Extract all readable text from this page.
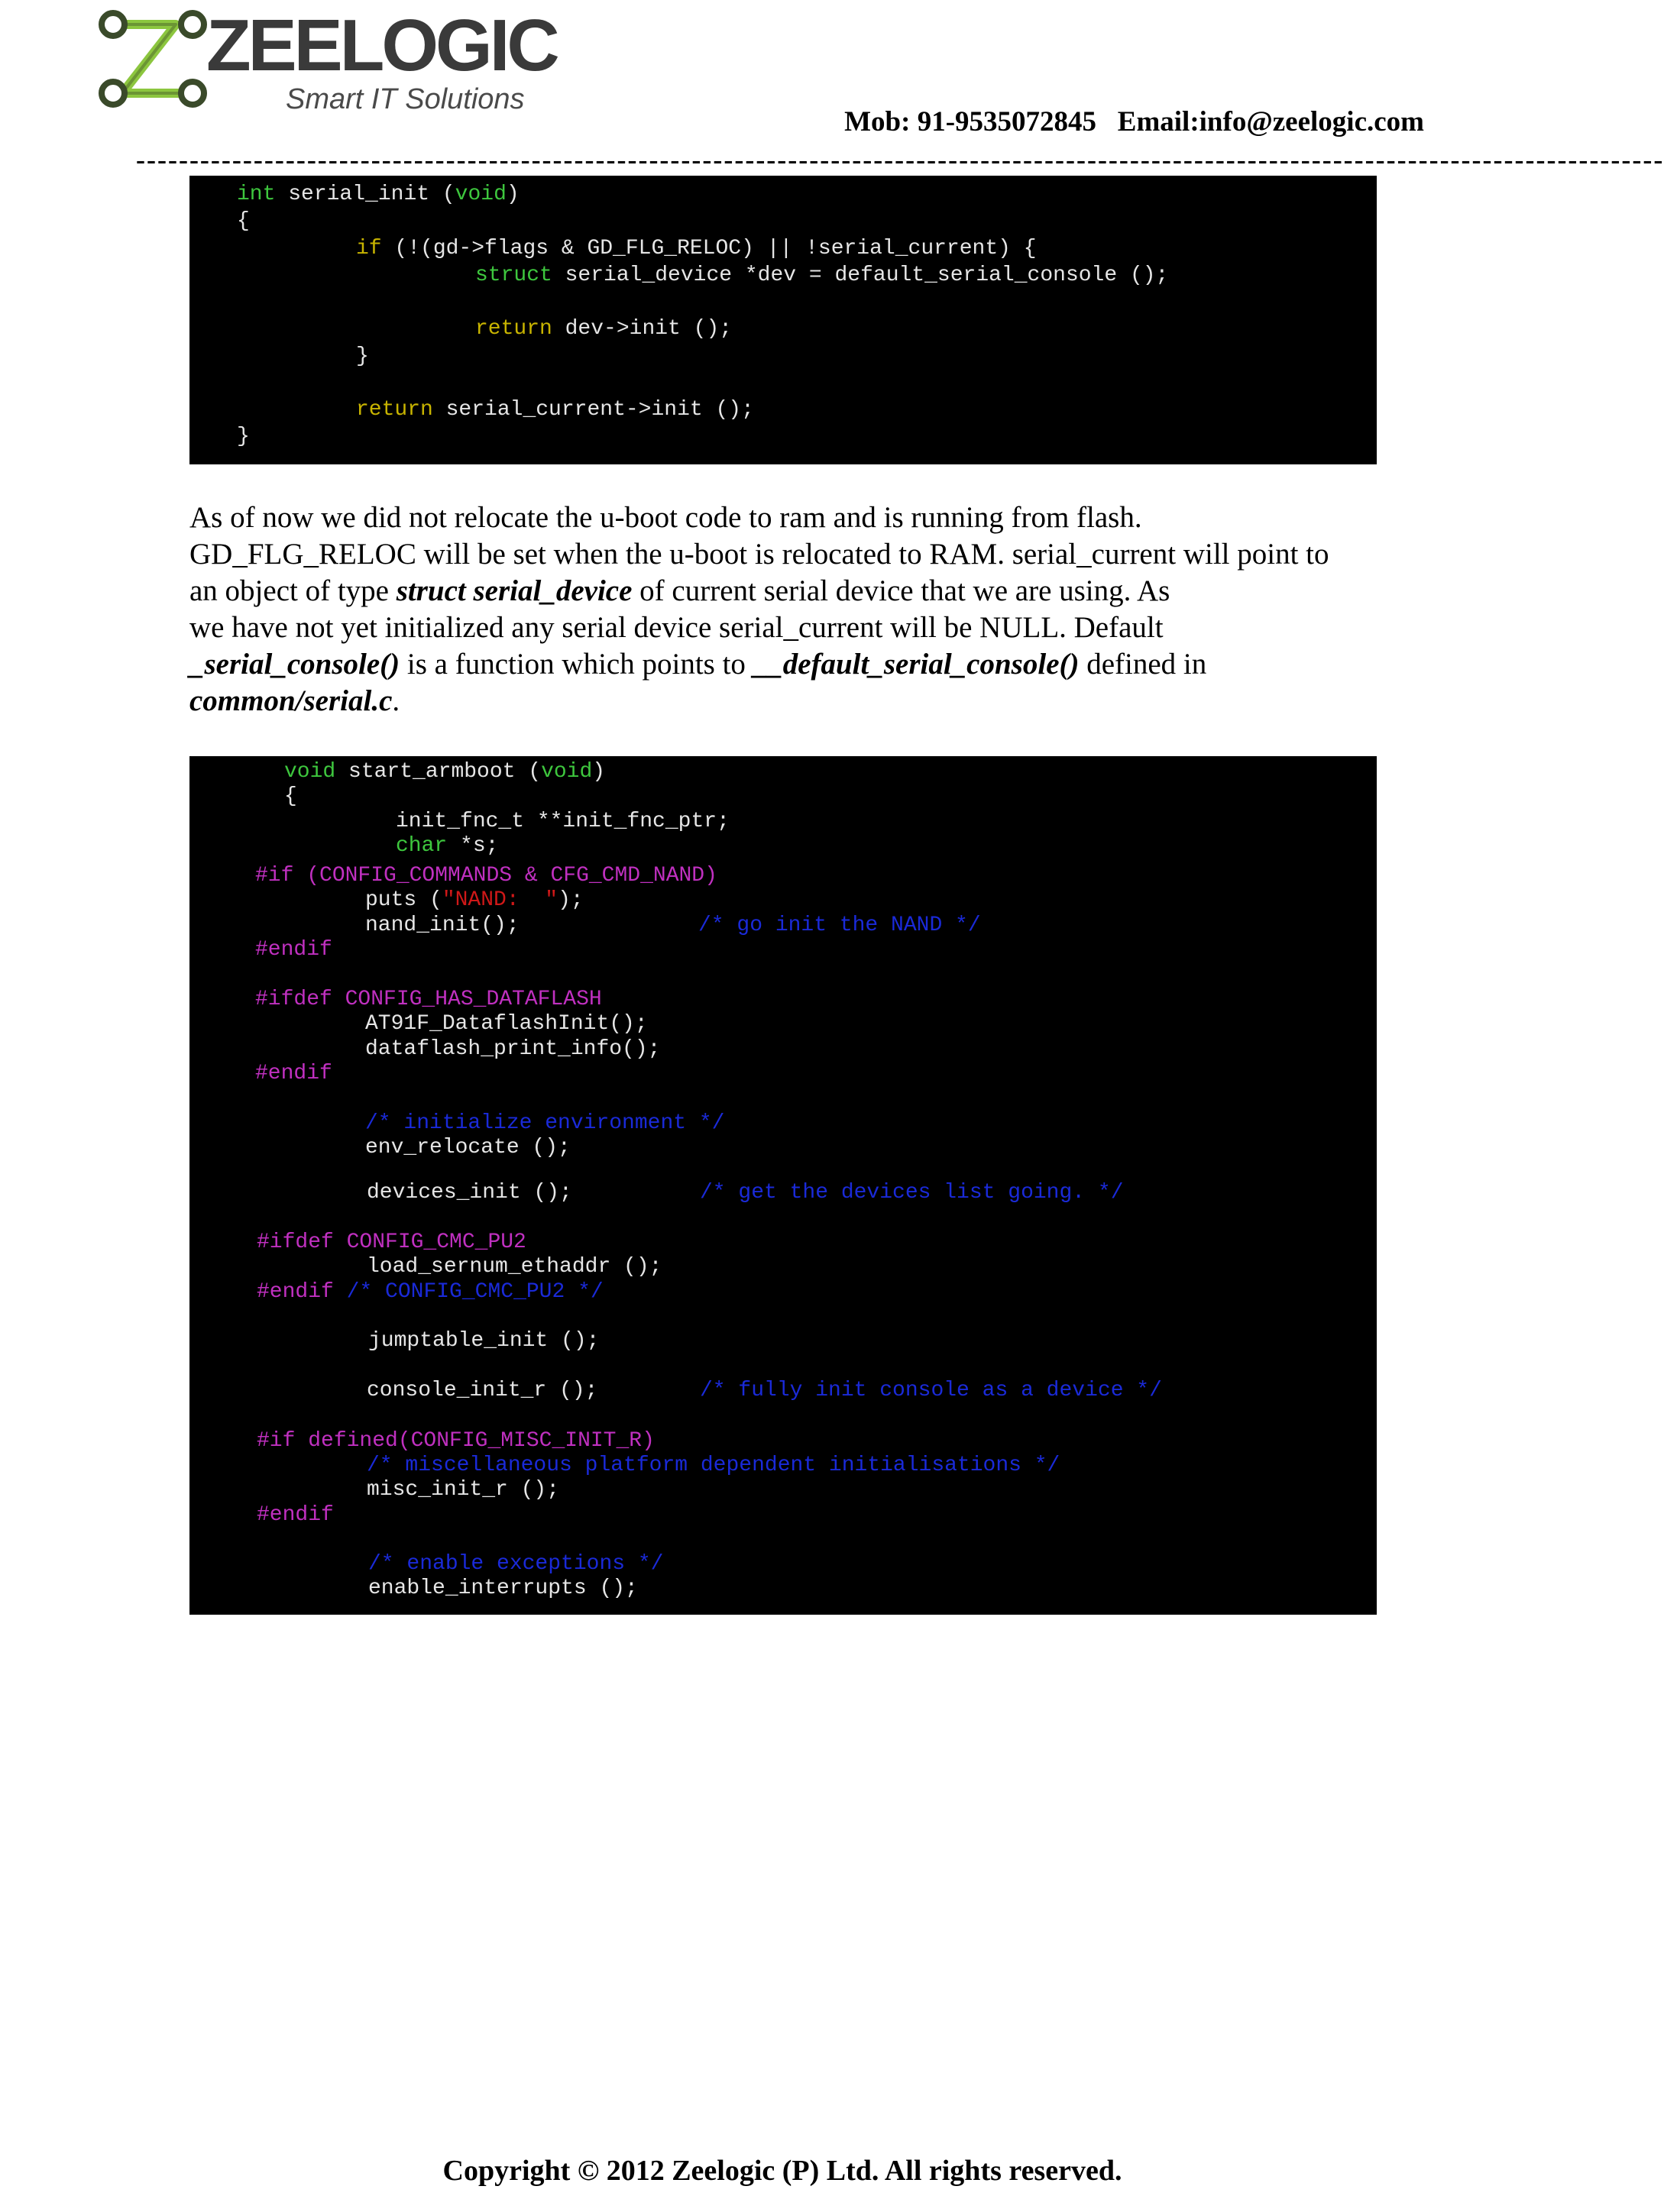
ZEELOGIC
Smart IT Solutions
Mob: 91-9535072845   Email:info@zeelogic.com
-----------------------------------------------------------------------------------------------------------------------------------------------
int serial_init (void)
{
if (!(gd->flags & GD_FLG_RELOC) || !serial_current) {
struct serial_device *dev = default_serial_console ();
return dev->init ();
}
return serial_current->init ();
}
As of now we did not relocate the u-boot code to ram and is running from flash.
GD_FLG_RELOC will be set when the u-boot is relocated to RAM. serial_current will point to
an object of type struct serial_device of current serial device that we are using. As
we have not yet initialized any serial device serial_current will be NULL. Default
_serial_console() is a function which points to __default_serial_console() defined in
common/serial.c.
void start_armboot (void)
{
init_fnc_t **init_fnc_ptr;
char *s;
#if (CONFIG_COMMANDS & CFG_CMD_NAND)
puts ("NAND:  ");
nand_init();	/* go init the NAND */
#endif
#ifdef CONFIG_HAS_DATAFLASH
AT91F_DataflashInit();
dataflash_print_info();
#endif
/* initialize environment */
env_relocate ();
devices_init ();	/* get the devices list going. */
#ifdef CONFIG_CMC_PU2
load_sernum_ethaddr ();
#endif /* CONFIG_CMC_PU2 */
jumptable_init ();
console_init_r ();	/* fully init console as a device */
#if defined(CONFIG_MISC_INIT_R)
/* miscellaneous platform dependent initialisations */
misc_init_r ();
#endif
/* enable exceptions */
enable_interrupts ();
Copyright © 2012 Zeelogic (P) Ltd. All rights reserved.
